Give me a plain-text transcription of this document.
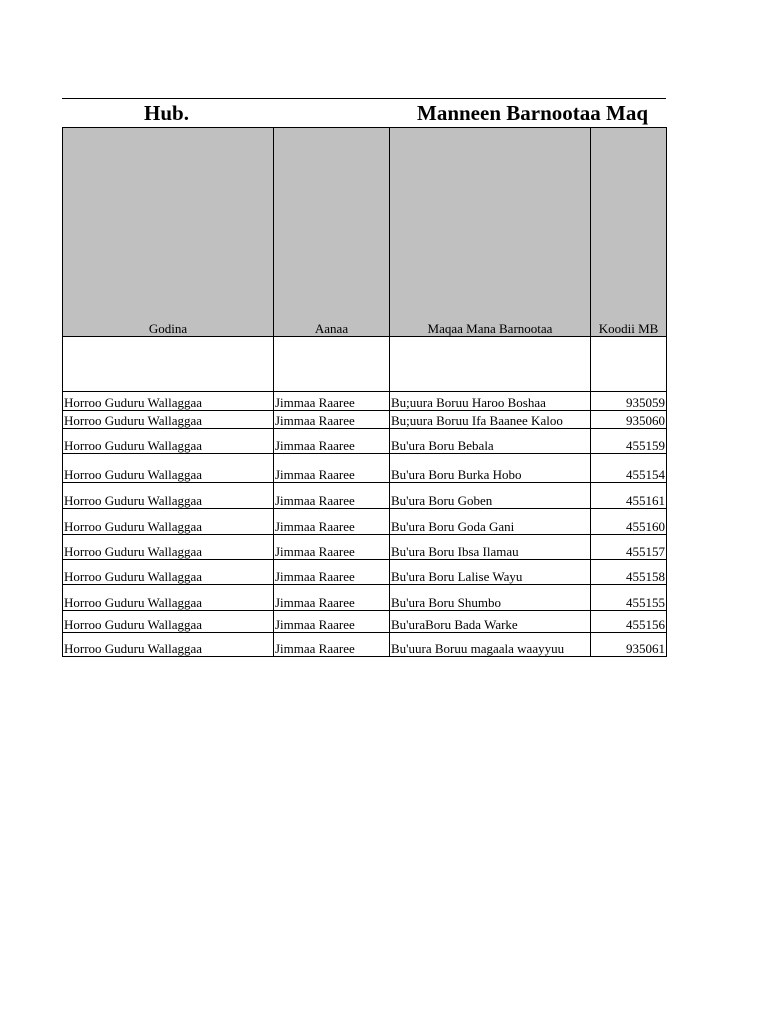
Hub.	Manneen Barnootaa Maq
Godina	Aanaa	Maqaa Mana Barnootaa	Koodii MB

Horroo Guduru Wallaggaa	Jimmaa Raaree	Bu;uura Boruu Haroo Boshaa	935059
Horroo Guduru Wallaggaa	Jimmaa Raaree	Bu;uura Boruu Ifa Baanee Kaloo	935060
Horroo Guduru Wallaggaa	Jimmaa Raaree	Bu'ura Boru Bebala	455159
Horroo Guduru Wallaggaa	Jimmaa Raaree	Bu'ura Boru Burka Hobo	455154
Horroo Guduru Wallaggaa	Jimmaa Raaree	Bu'ura Boru Goben	455161
Horroo Guduru Wallaggaa	Jimmaa Raaree	Bu'ura Boru Goda Gani	455160
Horroo Guduru Wallaggaa	Jimmaa Raaree	Bu'ura Boru Ibsa Ilamau	455157
Horroo Guduru Wallaggaa	Jimmaa Raaree	Bu'ura Boru Lalise Wayu	455158
Horroo Guduru Wallaggaa	Jimmaa Raaree	Bu'ura Boru Shumbo	455155
Horroo Guduru Wallaggaa	Jimmaa Raaree	Bu'uraBoru Bada Warke	455156
Horroo Guduru Wallaggaa	Jimmaa Raaree	Bu'uura Boruu magaala waayyuu	935061
